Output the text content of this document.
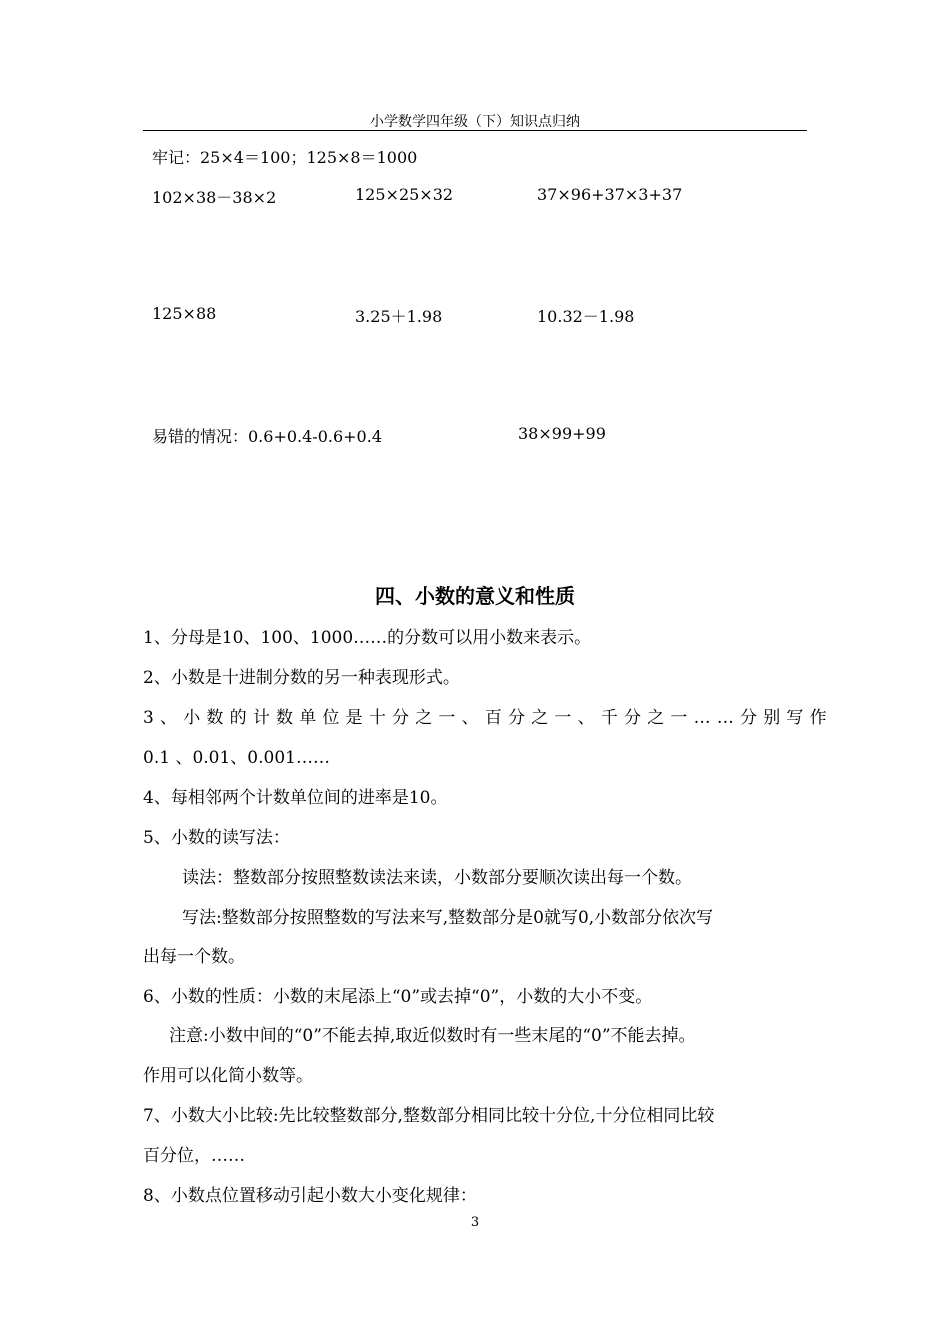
小学数学四年级（下）知识点归纳
牢记：25×4＝100；125×8＝1000
102×38－38×2	125×25×32	37×96+37×3+37
125×88	3.25＋1.98	10.32－1.98
易错的情况：0.6+0.4-0.6+0.4	38×99+99
四、小数的意义和性质
1、分母是10、100、1000……的分数可以用小数来表示。
2、小数是十进制分数的另一种表现形式。
3、小数的计数单位是十分之一、百分之一、千分之一……分别写作
0.1 、0.01、0.001……
4、每相邻两个计数单位间的进率是10。
5、小数的读写法：
读法：整数部分按照整数读法来读，小数部分要顺次读出每一个数。
写法:整数部分按照整数的写法来写,整数部分是0就写0,小数部分依次写
出每一个数。
6、小数的性质：小数的末尾添上“0”或去掉“0”，小数的大小不变。
注意:小数中间的“0”不能去掉,取近似数时有一些末尾的“0”不能去掉。
作用可以化简小数等。
7、小数大小比较:先比较整数部分,整数部分相同比较十分位,十分位相同比较
百分位，……
8、小数点位置移动引起小数大小变化规律：
3
